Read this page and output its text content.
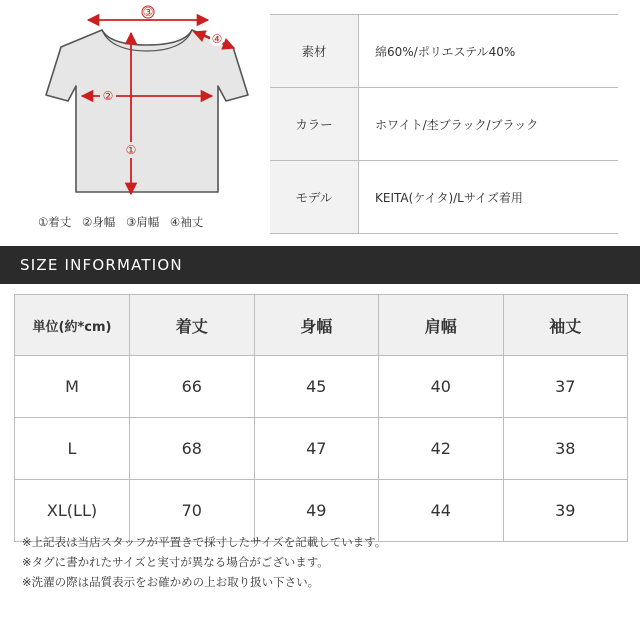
③
④
②
①
①着丈 ②身幅 ③肩幅 ④袖丈
素材	綿60%/ポリエステル40%
カラー	ホワイト/杢ブラック/ブラック
モデル	KEITA(ケイタ)/Lサイズ着用
SIZE INFORMATION
単位(約*cm)	着丈	身幅	肩幅	袖丈
M	66	45	40	37
L	68	47	42	38
XL(LL)	70	49	44	39
※上記表は当店スタッフが平置きで採寸したサイズを記載しています。
※タグに書かれたサイズと実寸が異なる場合がございます。
※洗濯の際は品質表示をお確かめの上お取り扱い下さい。
